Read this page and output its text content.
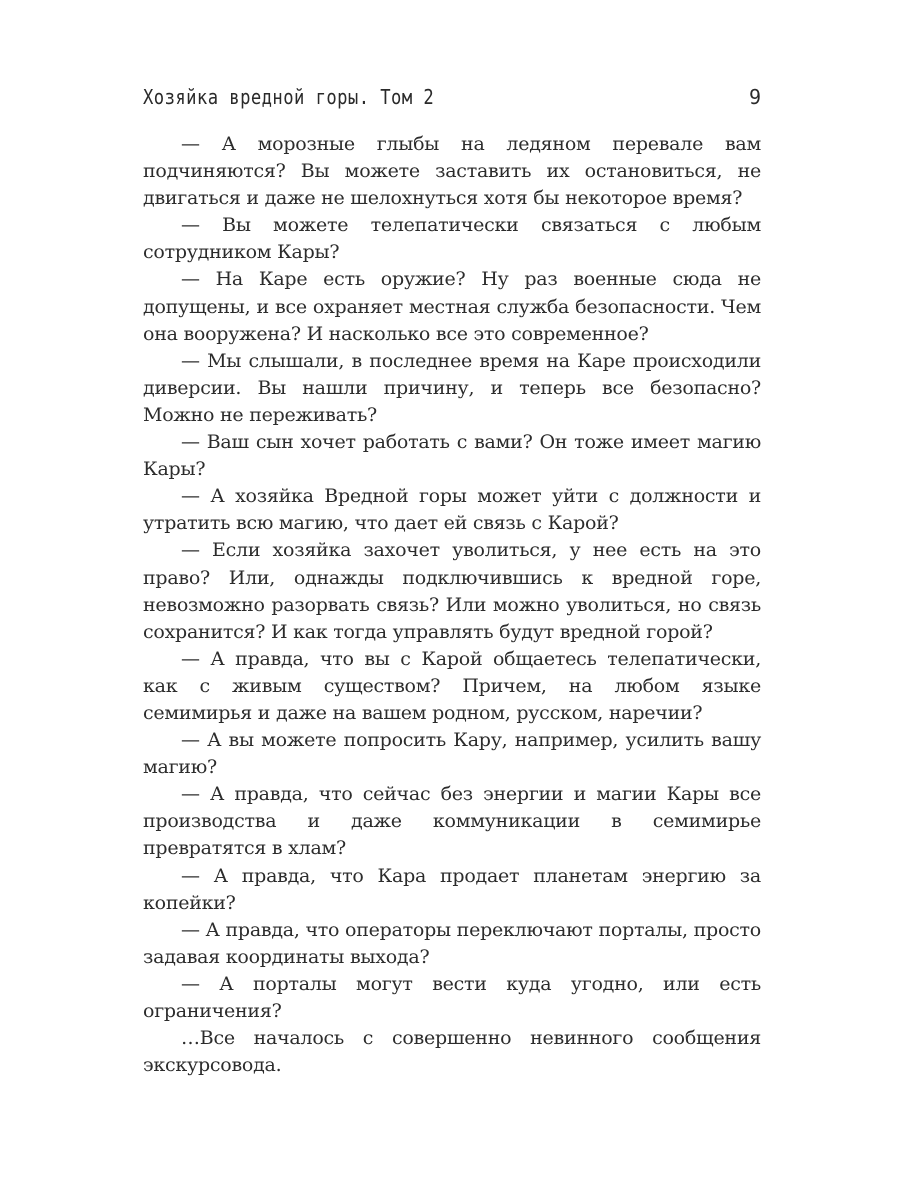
Хозяйка вредной горы. Том 2	9

— А морозные глыбы на ледяном перевале вам подчиняются? Вы можете заставить их остановиться, не двигаться и даже не шелохнуться хотя бы некоторое время?

— Вы можете телепатически связаться с любым сотрудником Кары?

— На Каре есть оружие? Ну раз военные сюда не допущены, и все охраняет местная служба безопасности. Чем она вооружена? И насколько все это современное?

— Мы слышали, в последнее время на Каре происходили диверсии. Вы нашли причину, и теперь все безопасно? Можно не переживать?

— Ваш сын хочет работать с вами? Он тоже имеет магию Кары?

— А хозяйка Вредной горы может уйти с должности и утратить всю магию, что дает ей связь с Карой?

— Если хозяйка захочет уволиться, у нее есть на это право? Или, однажды подключившись к вредной горе, невозможно разорвать связь? Или можно уволиться, но связь сохранится? И как тогда управлять будут вредной горой?

— А правда, что вы с Карой общаетесь телепатически, как с живым существом? Причем, на любом языке семимирья и даже на вашем родном, русском, наречии?

— А вы можете попросить Кару, например, усилить вашу магию?

— А правда, что сейчас без энергии и магии Кары все производства и даже коммуникации в семимирье превратятся в хлам?

— А правда, что Кара продает планетам энергию за копейки?

— А правда, что операторы переключают порталы, просто задавая координаты выхода?

— А порталы могут вести куда угодно, или есть ограничения?

…Все началось с совершенно невинного сообщения экскурсовода.
